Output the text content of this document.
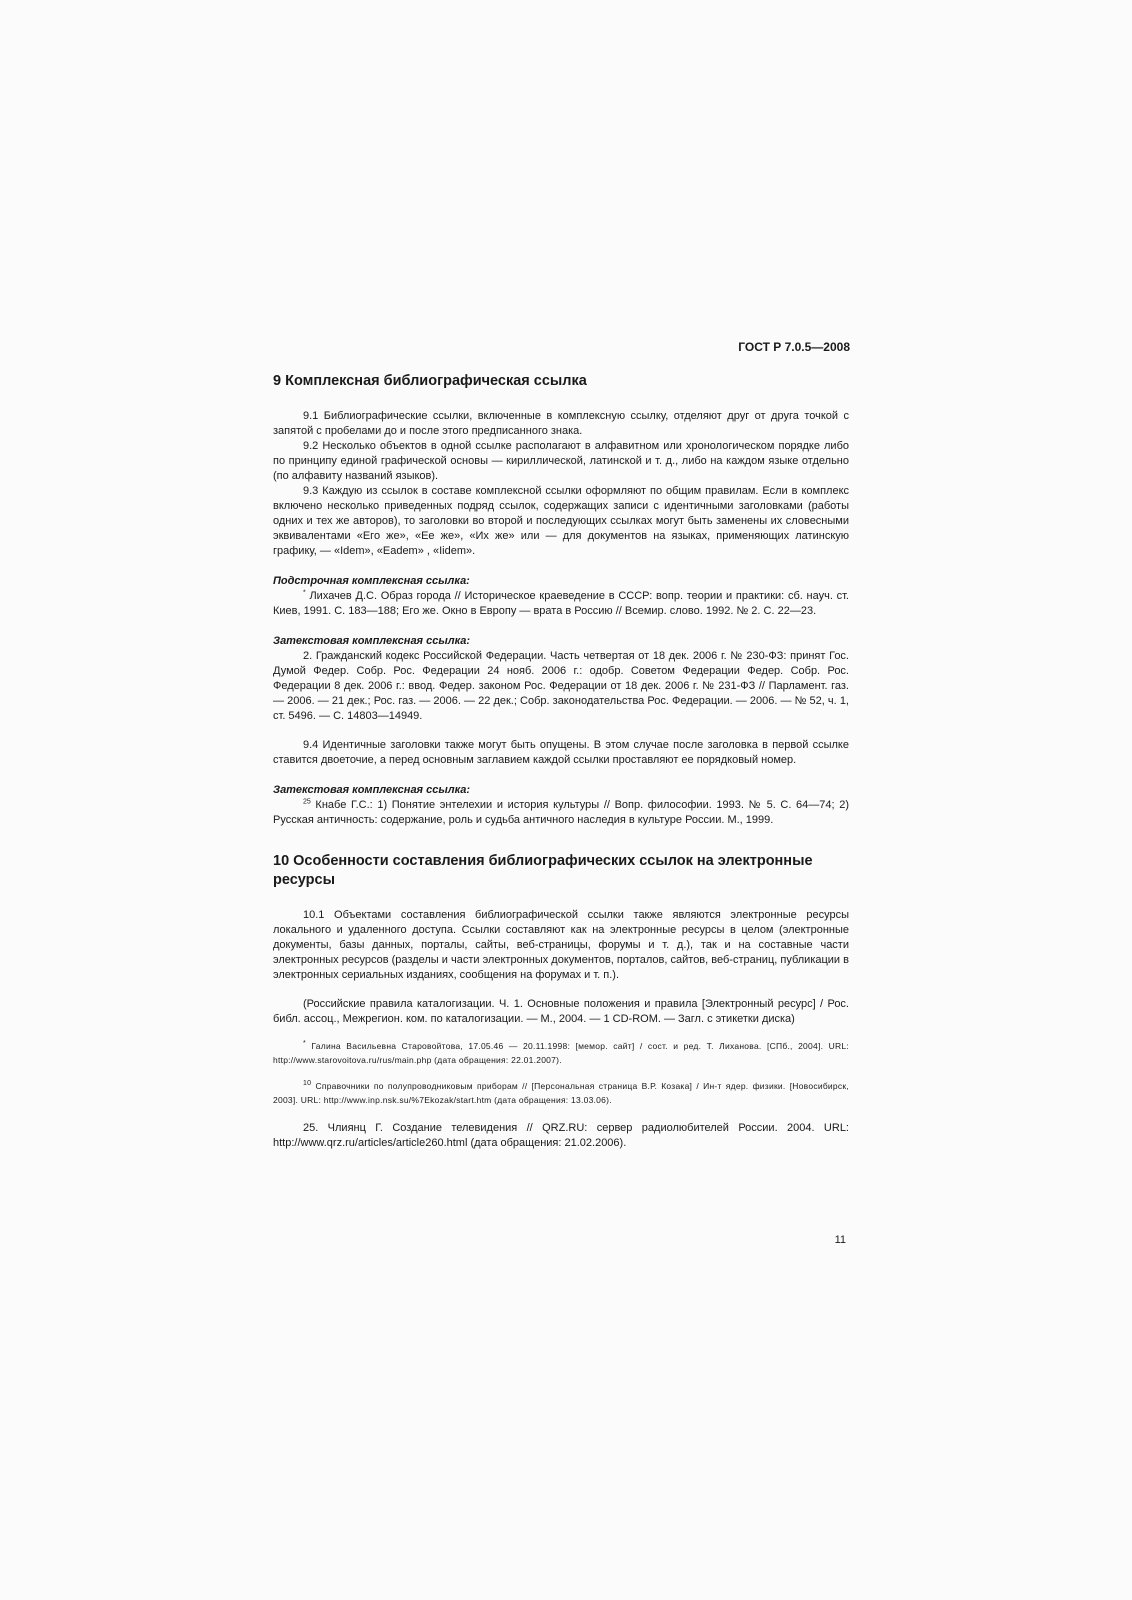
ГОСТ Р 7.0.5—2008
9 Комплексная библиографическая ссылка

9.1 Библиографические ссылки, включенные в комплексную ссылку, отделяют друг от друга точкой с запятой с пробелами до и после этого предписанного знака.

9.2 Несколько объектов в одной ссылке располагают в алфавитном или хронологическом порядке либо по принципу единой графической основы — кириллической, латинской и т. д., либо на каждом языке отдельно (по алфавиту названий языков).

9.3 Каждую из ссылок в составе комплексной ссылки оформляют по общим правилам. Если в комплекс включено несколько приведенных подряд ссылок, содержащих записи с идентичными заголовками (работы одних и тех же авторов), то заголовки во второй и последующих ссылках могут быть заменены их словесными эквивалентами «Его же», «Ее же», «Их же» или — для документов на языках, применяющих латинскую графику, — «Idem», «Eadem» , «Iidem».

Подстрочная комплексная ссылка:

* Лихачев Д.С. Образ города // Историческое краеведение в СССР: вопр. теории и практики: сб. науч. ст. Киев, 1991. С. 183—188; Его же. Окно в Европу — врата в Россию // Всемир. слово. 1992. № 2. С. 22—23.

Затекстовая комплексная ссылка:

2. Гражданский кодекс Российской Федерации. Часть четвертая от 18 дек. 2006 г. № 230-ФЗ: принят Гос. Думой Федер. Собр. Рос. Федерации 24 нояб. 2006 г.: одобр. Советом Федерации Федер. Собр. Рос. Федерации 8 дек. 2006 г.: ввод. Федер. законом Рос. Федерации от 18 дек. 2006 г. № 231-ФЗ // Парламент. газ. — 2006. — 21 дек.; Рос. газ. — 2006. — 22 дек.; Собр. законодательства Рос. Федерации. — 2006. — № 52, ч. 1, ст. 5496. — С. 14803—14949.

9.4 Идентичные заголовки также могут быть опущены. В этом случае после заголовка в первой ссылке ставится двоеточие, а перед основным заглавием каждой ссылки проставляют ее порядковый номер.

Затекстовая комплексная ссылка:

$^{25}$ Кнабе Г.С.: 1) Понятие энтелехии и история культуры // Вопр. философии. 1993. № 5. С. 64—74; 2) Русская античность: содержание, роль и судьба античного наследия в культуре России. М., 1999.

10 Особенности составления библиографических ссылок на электронные ресурсы

10.1 Объектами составления библиографической ссылки также являются электронные ресурсы локального и удаленного доступа. Ссылки составляют как на электронные ресурсы в целом (электронные документы, базы данных, порталы, сайты, веб-страницы, форумы и т. д.), так и на составные части электронных ресурсов (разделы и части электронных документов, порталов, сайтов, веб-страниц, публикации в электронных сериальных изданиях, сообщения на форумах и т. п.).

(Российские правила каталогизации. Ч. 1. Основные положения и правила [Электронный ресурс] / Рос. библ. ассоц., Межрегион. ком. по каталогизации. — М., 2004. — 1 CD-ROM. — Загл. с этикетки диска)

* Галина Васильевна Старовойтова, 17.05.46 — 20.11.1998: [мемор. сайт] / сост. и ред. Т. Лиханова. [СПб., 2004]. URL: http://www.starovoitova.ru/rus/main.php (дата обращения: 22.01.2007).

$^{10}$ Справочники по полупроводниковым приборам // [Персональная страница В.Р. Козака] / Ин-т ядер. физики. [Новосибирск, 2003]. URL: http://www.inp.nsk.su/%7Ekozak/start.htm (дата обращения: 13.03.06).

25. Члиянц Г. Создание телевидения // QRZ.RU: сервер радиолюбителей России. 2004. URL: http://www.qrz.ru/articles/article260.html (дата обращения: 21.02.2006).

11
